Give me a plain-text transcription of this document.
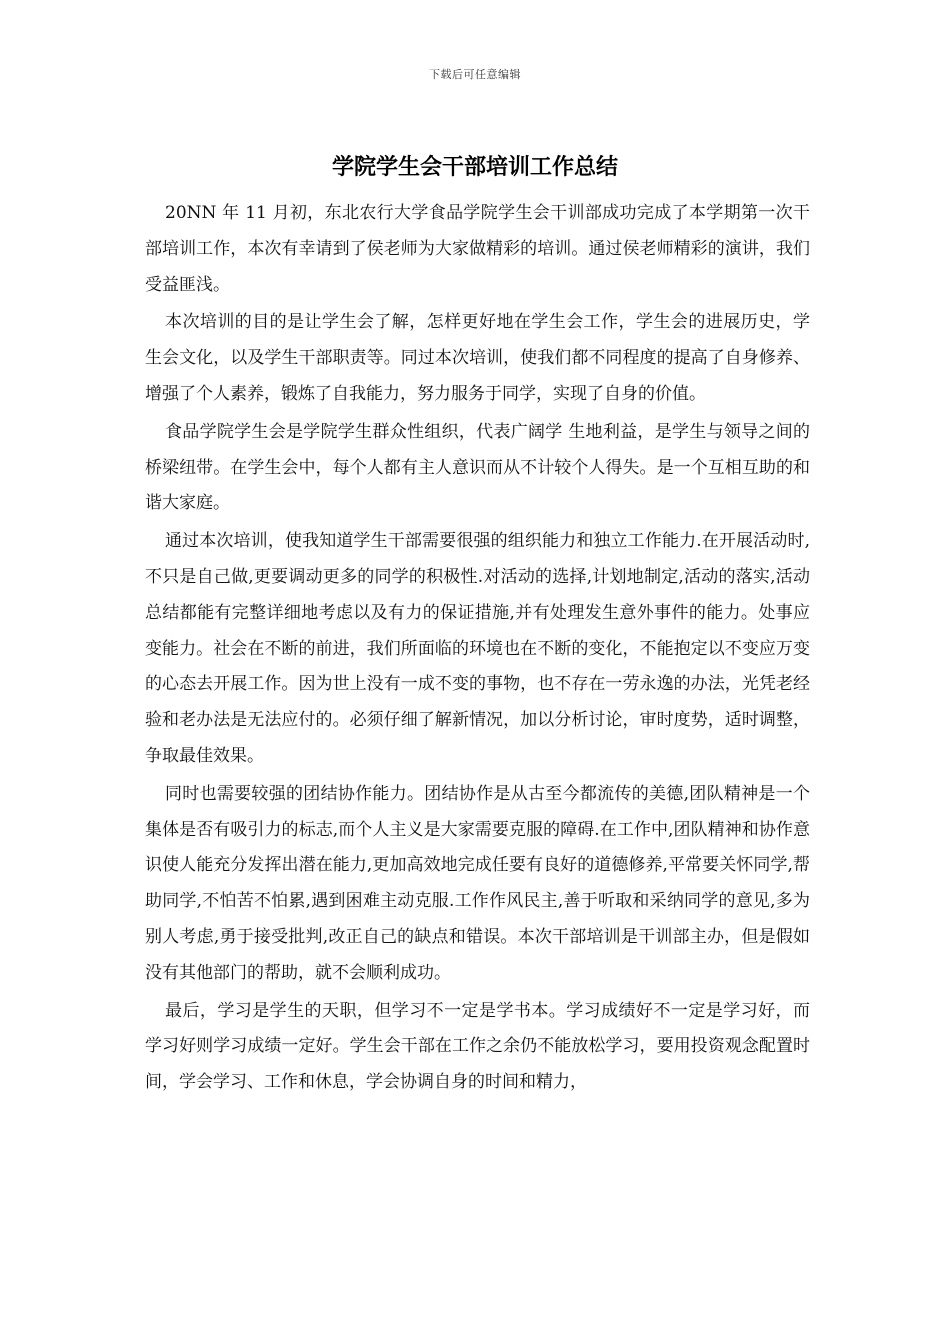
下载后可任意编辑
学院学生会干部培训工作总结

20NN 年 11 月初，东北农行大学食品学院学生会干训部成功完成了本学期第一次干部培训工作，本次有幸请到了侯老师为大家做精彩的培训。通过侯老师精彩的演讲，我们受益匪浅。

本次培训的目的是让学生会了解，怎样更好地在学生会工作，学生会的进展历史，学生会文化，以及学生干部职责等。同过本次培训，使我们都不同程度的提高了自身修养、增强了个人素养，锻炼了自我能力，努力服务于同学，实现了自身的价值。

食品学院学生会是学院学生群众性组织，代表广阔学 生地利益，是学生与领导之间的桥梁纽带。在学生会中，每个人都有主人意识而从不计较个人得失。是一个互相互助的和谐大家庭。

通过本次培训，使我知道学生干部需要很强的组织能力和独立工作能力.在开展活动时,不只是自己做,更要调动更多的同学的积极性.对活动的选择,计划地制定,活动的落实,活动总结都能有完整详细地考虑以及有力的保证措施,并有处理发生意外事件的能力。处事应变能力。社会在不断的前进，我们所面临的环境也在不断的变化，不能抱定以不变应万变的心态去开展工作。因为世上没有一成不变的事物，也不存在一劳永逸的办法，光凭老经验和老办法是无法应付的。必须仔细了解新情况，加以分析讨论，审时度势，适时调整，争取最佳效果。

同时也需要较强的团结协作能力。团结协作是从古至今都流传的美德,团队精神是一个集体是否有吸引力的标志,而个人主义是大家需要克服的障碍.在工作中,团队精神和协作意识使人能充分发挥出潜在能力,更加高效地完成任要有良好的道德修养,平常要关怀同学,帮助同学,不怕苦不怕累,遇到困难主动克服.工作作风民主,善于听取和采纳同学的意见,多为别人考虑,勇于接受批判,改正自己的缺点和错误。本次干部培训是干训部主办，但是假如没有其他部门的帮助，就不会顺利成功。

最后，学习是学生的天职，但学习不一定是学书本。学习成绩好不一定是学习好，而学习好则学习成绩一定好。学生会干部在工作之余仍不能放松学习，要用投资观念配置时间，学会学习、工作和休息，学会协调自身的时间和精力，
